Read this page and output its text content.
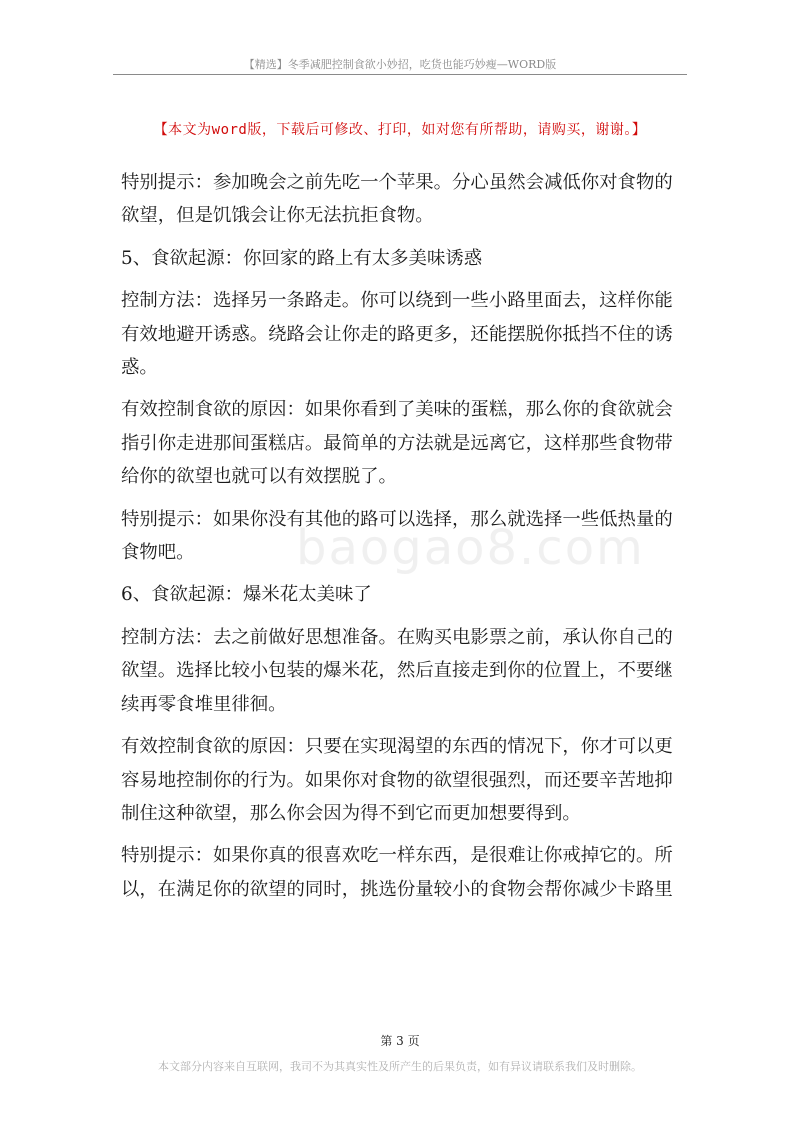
【精选】冬季减肥控制食欲小妙招，吃货也能巧妙瘦—WORD版
【本文为word版，下载后可修改、打印，如对您有所帮助，请购买，谢谢。】
baogao8.com

特别提示：参加晚会之前先吃一个苹果。分心虽然会减低你对食物的欲望，但是饥饿会让你无法抗拒食物。

5、食欲起源：你回家的路上有太多美味诱惑

控制方法：选择另一条路走。你可以绕到一些小路里面去，这样你能有效地避开诱惑。绕路会让你走的路更多，还能摆脱你抵挡不住的诱惑。

有效控制食欲的原因：如果你看到了美味的蛋糕，那么你的食欲就会指引你走进那间蛋糕店。最简单的方法就是远离它，这样那些食物带给你的欲望也就可以有效摆脱了。

特别提示：如果你没有其他的路可以选择，那么就选择一些低热量的食物吧。

6、食欲起源：爆米花太美味了

控制方法：去之前做好思想准备。在购买电影票之前，承认你自己的欲望。选择比较小包装的爆米花，然后直接走到你的位置上，不要继续再零食堆里徘徊。

有效控制食欲的原因：只要在实现渴望的东西的情况下，你才可以更容易地控制你的行为。如果你对食物的欲望很强烈，而还要辛苦地抑制住这种欲望，那么你会因为得不到它而更加想要得到。

特别提示：如果你真的很喜欢吃一样东西，是很难让你戒掉它的。所以，在满足你的欲望的同时，挑选份量较小的食物会帮你减少卡路里

第 3 页
本文部分内容来自互联网，我司不为其真实性及所产生的后果负责，如有异议请联系我们及时删除。
